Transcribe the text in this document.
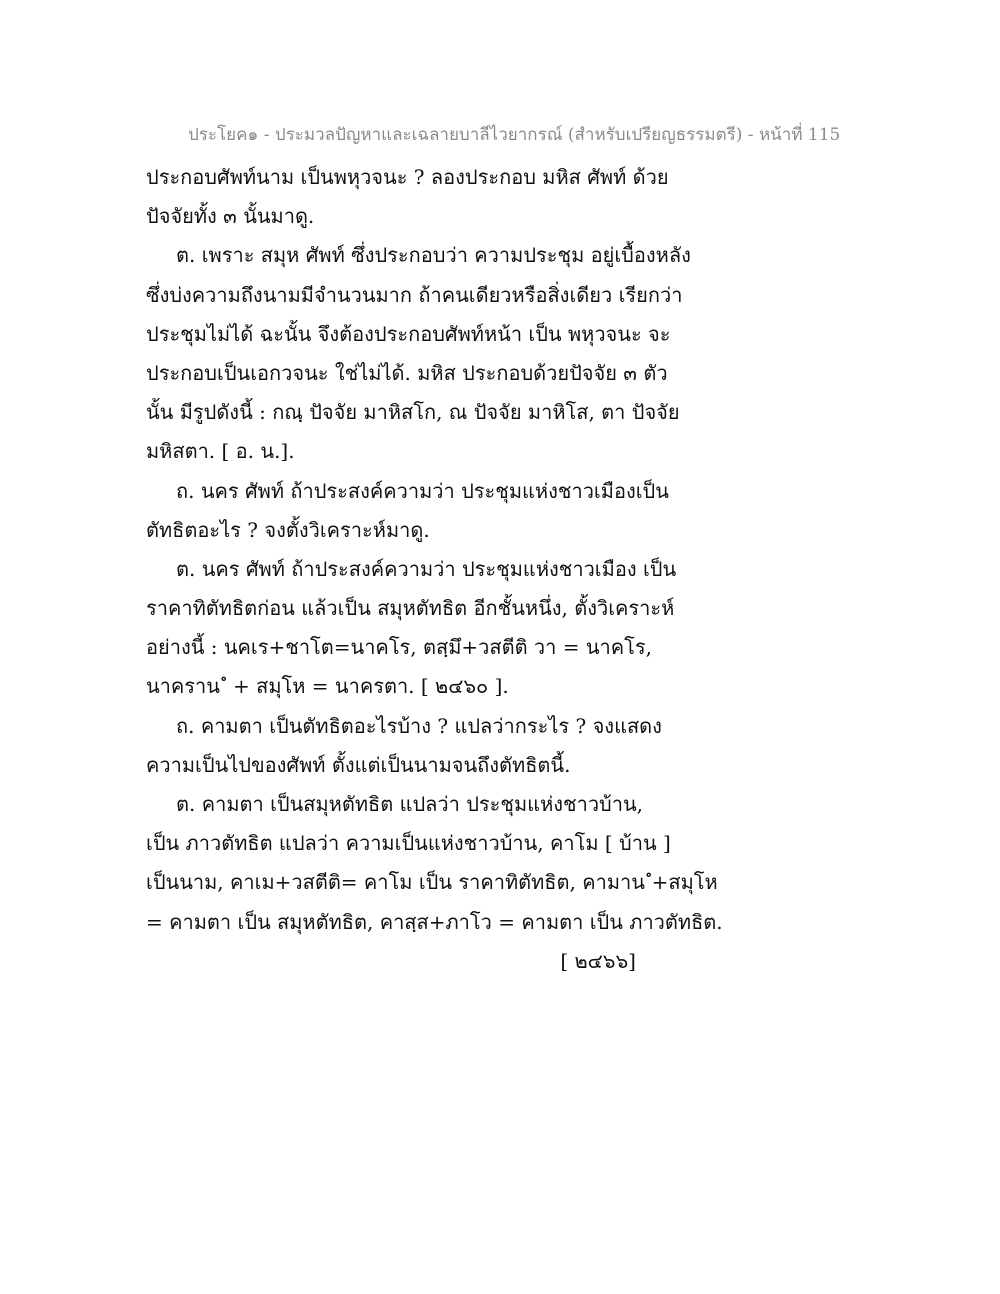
ประโยค๑ - ประมวลปัญหาและเฉลายบาลีไวยากรณ์ (สำหรับเปรียญธรรมตรี) - หน้าที่ 115
ประกอบศัพท์นาม เป็นพหุวจนะ ? ลองประกอบ มหิส ศัพท์ ด้วย
ปัจจัยทั้ง ๓ นั้นมาดู.
ต. เพราะ สมุห ศัพท์ ซึ่งประกอบว่า ความประชุม อยู่เบื้องหลัง
ซึ่งบ่งความถึงนามมีจำนวนมาก ถ้าคนเดียวหรือสิ่งเดียว เรียกว่า
ประชุมไม่ได้ ฉะนั้น จึงต้องประกอบศัพท์หน้า เป็น พหุวจนะ จะ
ประกอบเป็นเอกวจนะ ใช่ไม่ได้. มหิส ประกอบด้วยปัจจัย ๓ ตัว
นั้น มีรูปดังนี้ : กณฺ ปัจจัย มาหิสโก, ณ ปัจจัย มาหิโส, ตา ปัจจัย
มหิสตา. [ อ. น.].
ถ. นคร ศัพท์ ถ้าประสงค์ความว่า ประชุมแห่งชาวเมืองเป็น
ตัทธิตอะไร ? จงตั้งวิเคราะห์มาดู.
ต. นคร ศัพท์ ถ้าประสงค์ความว่า ประชุมแห่งชาวเมือง เป็น
ราคาทิตัทธิตก่อน แล้วเป็น สมุหตัทธิต อีกชั้นหนึ่ง, ตั้งวิเคราะห์
อย่างนี้ : นคเร+ชาโต=นาคโร, ตสฺมึ+วสตีติ วา = นาคโร,
นาคราน ํ + สมุโห = นาครตา. [ ๒๔๖๐ ].
ถ. คามตา เป็นตัทธิตอะไรบ้าง ? แปลว่ากระไร ? จงแสดง
ความเป็นไปของศัพท์ ตั้งแต่เป็นนามจนถึงตัทธิตนี้.
ต. คามตา เป็นสมุหตัทธิต แปลว่า ประชุมแห่งชาวบ้าน,
เป็น ภาวตัทธิต แปลว่า ความเป็นแห่งชาวบ้าน, คาโม [ บ้าน ]
เป็นนาม, คาเม+วสตีติ= คาโม เป็น ราคาทิตัทธิต, คามาน ํ+สมุโห
= คามตา เป็น สมุหตัทธิต, คาสฺส+ภาโว = คามตา เป็น ภาวตัทธิต.
[ ๒๔๖๖]
